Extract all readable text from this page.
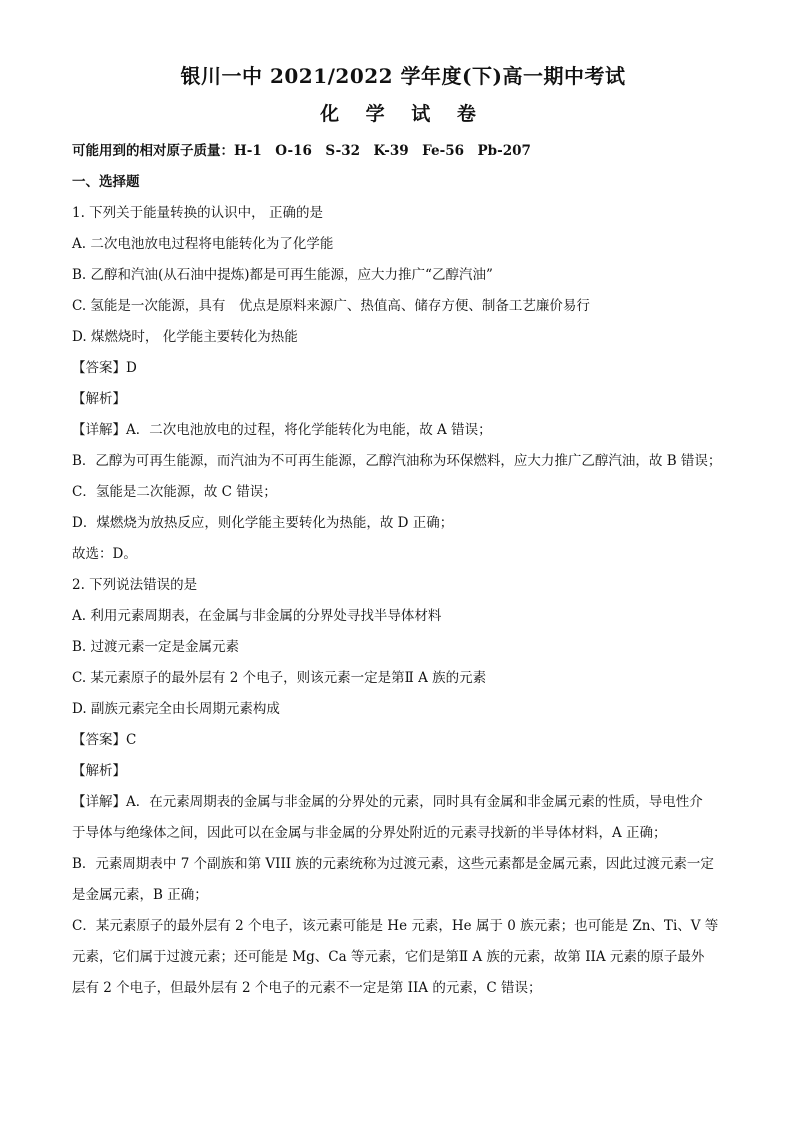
银川一中 2021/2022 学年度(下)高一期中考试

化 学 试 卷

可能用到的相对原子质量：H-1　O-16　S-32　K-39　Fe-56　Pb-207

一、选择题

1. 下列关于能量转换的认识中， 正确的是

A. 二次电池放电过程将电能转化为了化学能

B. 乙醇和汽油(从石油中提炼)都是可再生能源，应大力推广“乙醇汽油”

C. 氢能是一次能源，具有　优点是原料来源广、热值高、储存方便、制备工艺廉价易行

D. 煤燃烧时， 化学能主要转化为热能

【答案】D

【解析】

【详解】A．二次电池放电的过程，将化学能转化为电能，故 A 错误；

B．乙醇为可再生能源，而汽油为不可再生能源，乙醇汽油称为环保燃料，应大力推广乙醇汽油，故 B 错误；

C．氢能是二次能源，故 C 错误；

D．煤燃烧为放热反应，则化学能主要转化为热能，故 D 正确；

故选：D。

2. 下列说法错误的是

A. 利用元素周期表，在金属与非金属的分界处寻找半导体材料

B. 过渡元素一定是金属元素

C. 某元素原子的最外层有 2 个电子，则该元素一定是第Ⅱ A 族的元素

D. 副族元素完全由长周期元素构成

【答案】C

【解析】

【详解】A．在元素周期表的金属与非金属的分界处的元素，同时具有金属和非金属元素的性质，导电性介

于导体与绝缘体之间，因此可以在金属与非金属的分界处附近的元素寻找新的半导体材料，A 正确；

B．元素周期表中 7 个副族和第 VIII 族的元素统称为过渡元素，这些元素都是金属元素，因此过渡元素一定

是金属元素，B 正确；

C．某元素原子的最外层有 2 个电子，该元素可能是 He 元素，He 属于 0 族元素；也可能是 Zn、Ti、V 等

元素，它们属于过渡元素；还可能是 Mg、Ca 等元素，它们是第Ⅱ A 族的元素，故第 IIA 元素的原子最外

层有 2 个电子，但最外层有 2 个电子的元素不一定是第 IIA 的元素，C 错误；
